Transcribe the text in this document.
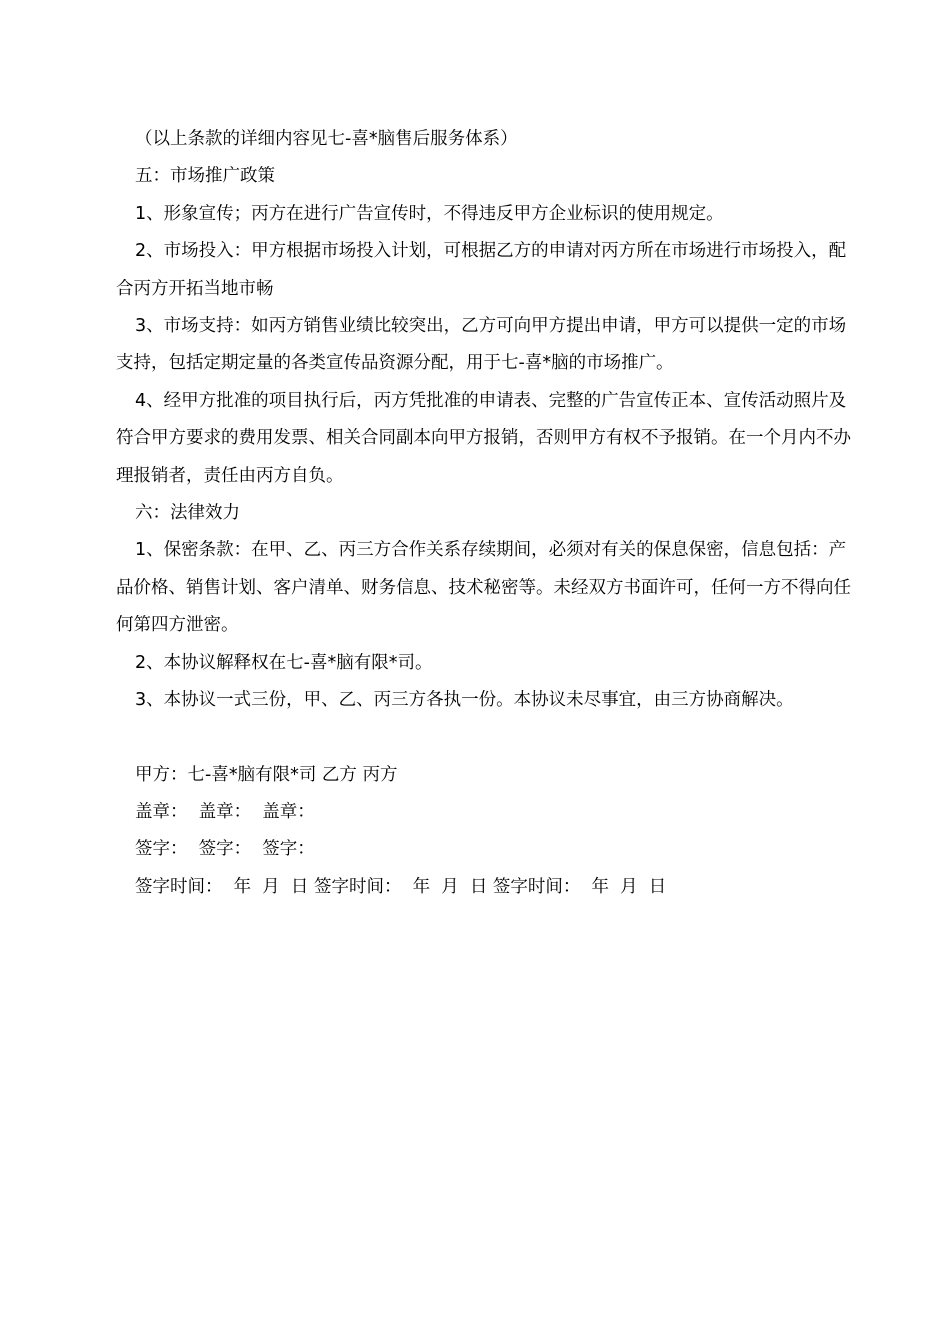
（以上条款的详细内容见七-喜*脑售后服务体系）

五：市场推广政策

1、形象宣传；丙方在进行广告宣传时，不得违反甲方企业标识的使用规定。

2、市场投入：甲方根据市场投入计划，可根据乙方的申请对丙方所在市场进行市场投入，配合丙方开拓当地市畅

3、市场支持：如丙方销售业绩比较突出，乙方可向甲方提出申请，甲方可以提供一定的市场支持，包括定期定量的各类宣传品资源分配，用于七-喜*脑的市场推广。

4、经甲方批准的项目执行后，丙方凭批准的申请表、完整的广告宣传正本、宣传活动照片及符合甲方要求的费用发票、相关合同副本向甲方报销，否则甲方有权不予报销。在一个月内不办理报销者，责任由丙方自负。

六：法律效力

1、保密条款：在甲、乙、丙三方合作关系存续期间，必须对有关的保息保密，信息包括：产品价格、销售计划、客户清单、财务信息、技术秘密等。未经双方书面许可，任何一方不得向任何第四方泄密。

2、本协议解释权在七-喜*脑有限*司。

3、本协议一式三份，甲、乙、丙三方各执一份。本协议未尽事宜，由三方协商解决。

甲方：七-喜*脑有限*司 乙方 丙方

盖章：  盖章：  盖章：

签字：  签字：  签字：

签字时间：  年  月  日 签字时间：  年  月  日 签字时间：  年  月  日
